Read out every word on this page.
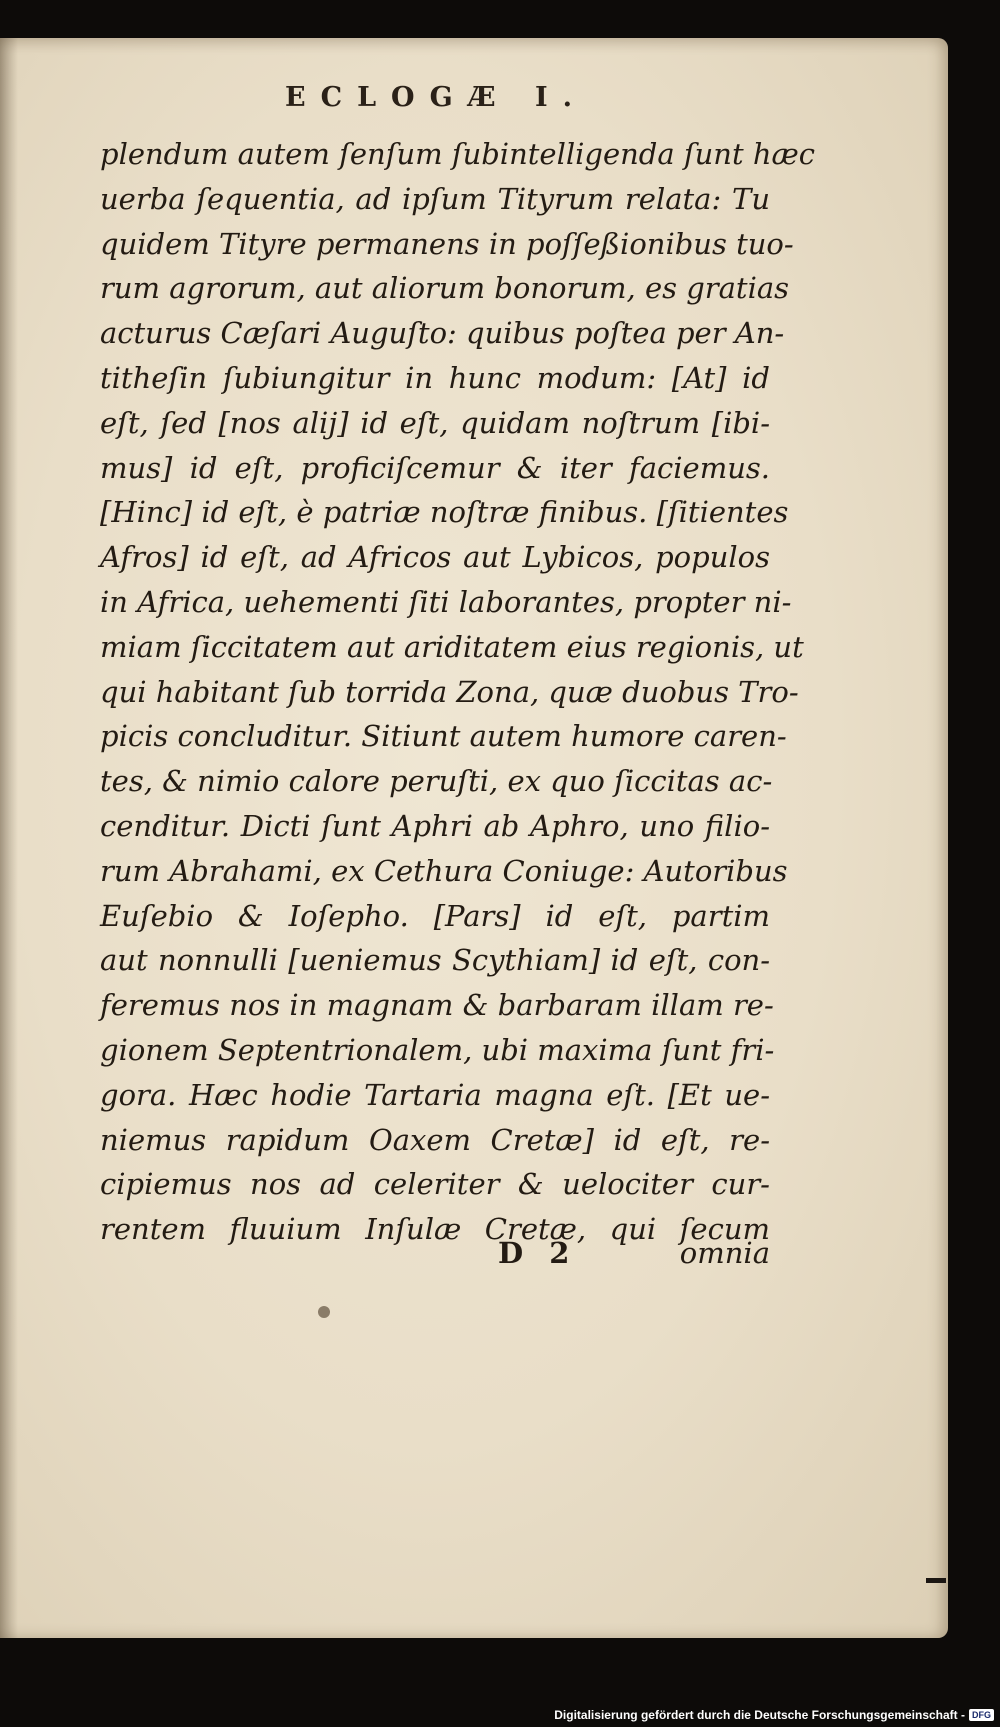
ECLOGÆ I.
plendum autem ſenſum ſubintelligenda ſunt hæc
uerba ſequentia, ad ipſum Tityrum relata: Tu
quidem Tityre permanens in poſſeßionibus tuo-
rum agrorum, aut aliorum bonorum, es gratias
acturus Cæſari Auguſto: quibus poſtea per An-
titheſin ſubiungitur in hunc modum: [At] id
eſt, ſed [nos alij] id eſt, quidam noſtrum [ibi-
mus] id eſt, proficiſcemur & iter faciemus.
[Hinc] id eſt, è patriæ noſtræ finibus. [ſitientes
Afros] id eſt, ad Africos aut Lybicos, populos
in Africa, uehementi ſiti laborantes, propter ni-
miam ſiccitatem aut ariditatem eius regionis, ut
qui habitant ſub torrida Zona, quæ duobus Tro-
picis concluditur. Sitiunt autem humore caren-
tes, & nimio calore peruſti, ex quo ſiccitas ac-
cenditur. Dicti ſunt Aphri ab Aphro, uno filio-
rum Abrahami, ex Cethura Coniuge: Autoribus
Euſebio & Ioſepho. [Pars] id eſt, partim
aut nonnulli [ueniemus Scythiam] id eſt, con-
feremus nos in magnam & barbaram illam re-
gionem Septentrionalem, ubi maxima ſunt fri-
gora. Hæc hodie Tartaria magna eſt. [Et ue-
niemus rapidum Oaxem Cretæ] id eſt, re-
cipiemus nos ad celeriter & uelociter cur-
rentem fluuium Inſulæ Cretæ, qui ſecum
D 2	omnia
Digitalisierung gefördert durch die Deutsche Forschungsgemeinschaft - DFG
